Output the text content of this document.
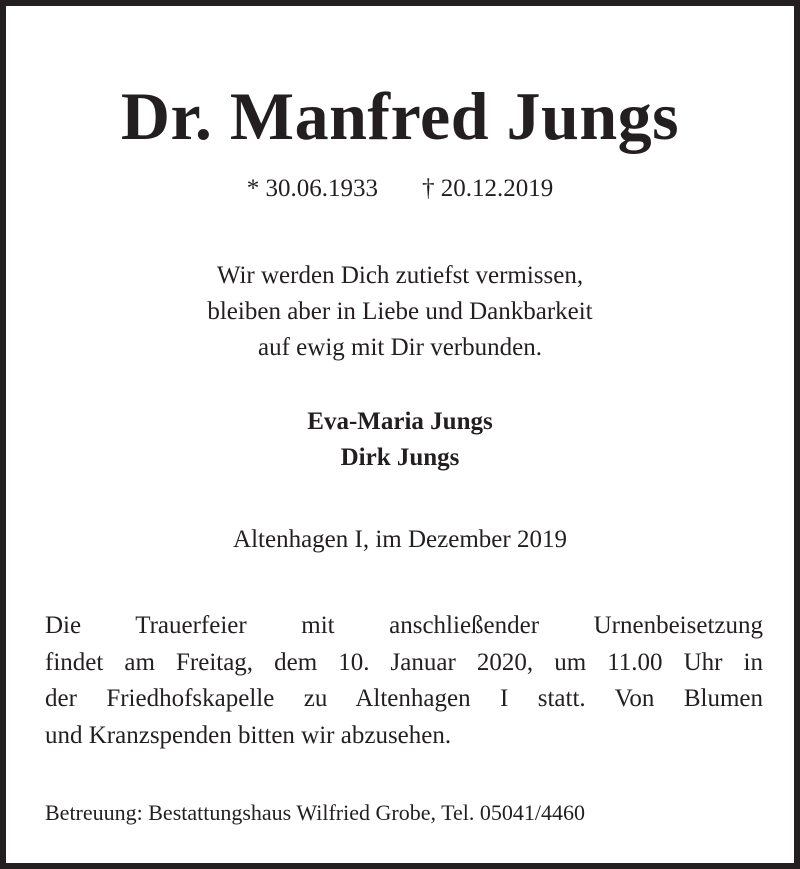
Dr. Manfred Jungs
* 30.06.1933 † 20.12.2019
Wir werden Dich zutiefst vermissen,
bleiben aber in Liebe und Dankbarkeit
auf ewig mit Dir verbunden.
Eva-Maria Jungs
Dirk Jungs
Altenhagen I, im Dezember 2019
Die Trauerfeier mit anschließender Urnenbeisetzung
findet am Freitag, dem 10. Januar 2020, um 11.00 Uhr in
der Friedhofskapelle zu Altenhagen I statt. Von Blumen
und Kranzspenden bitten wir abzusehen.
Betreuung: Bestattungshaus Wilfried Grobe, Tel. 05041/4460
